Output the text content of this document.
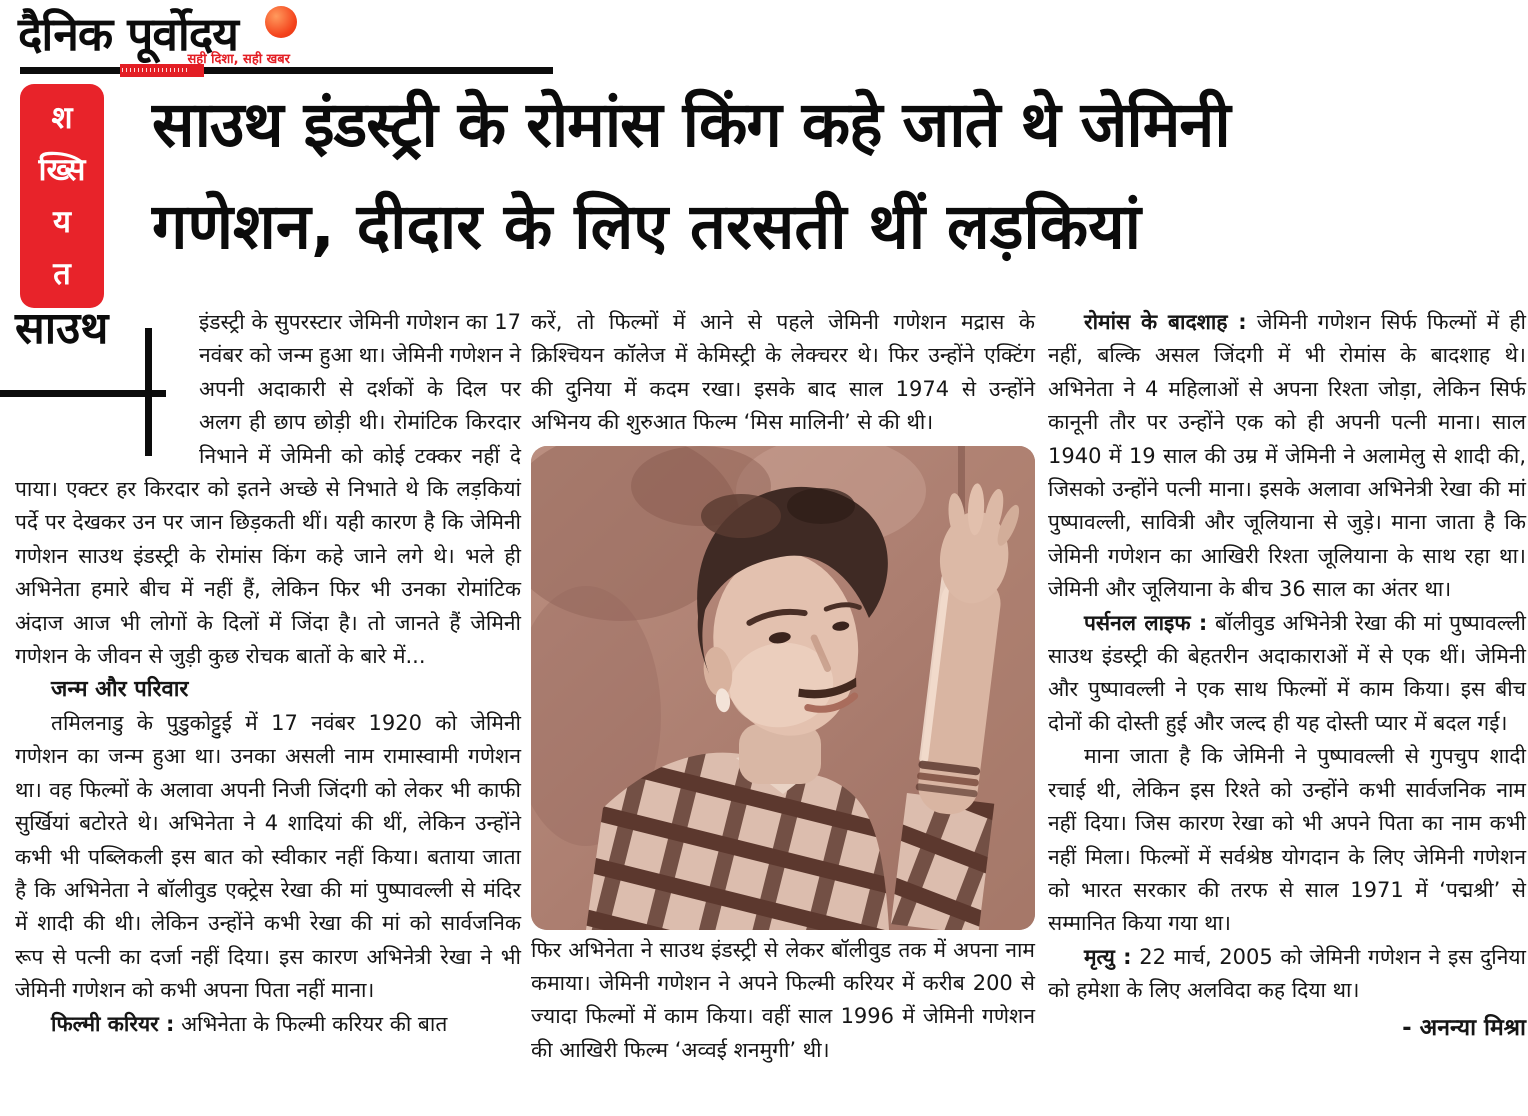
दैनिक पूर्वोदय
सही दिशा, सही खबर
श
ख्सि
य
त
साउथ इंडस्ट्री के रोमांस किंग कहे जाते थे जेमिनी
गणेशन, दीदार के लिए तरसती थीं लड़कियां
साउथ	इंडस्ट्री के सुपरस्टार जेमिनी गणेशन का 17 नवंबर को जन्म हुआ था। जेमिनी गणेशन ने अपनी अदाकारी से दर्शकों के दिल पर अलग ही छाप छोड़ी थी। रोमांटिक किरदार निभाने में जेमिनी को कोई टक्कर नहीं दे पाया। एक्टर हर किरदार को इतने अच्छे से निभाते थे कि लड़कियां पर्दे पर देखकर उन पर जान छिड़कती थीं। यही कारण है कि जेमिनी गणेशन साउथ इंडस्ट्री के रोमांस किंग कहे जाने लगे थे। भले ही अभिनेता हमारे बीच में नहीं हैं, लेकिन फिर भी उनका रोमांटिक अंदाज आज भी लोगों के दिलों में जिंदा है। तो जानते हैं जेमिनी गणेशन के जीवन से जुड़ी कुछ रोचक बातों के बारे में...
जन्म और परिवार
तमिलनाडु के पुडुकोट्टुई में 17 नवंबर 1920 को जेमिनी गणेशन का जन्म हुआ था। उनका असली नाम रामास्वामी गणेशन था। वह फिल्मों के अलावा अपनी निजी जिंदगी को लेकर भी काफी सुर्खियां बटोरते थे। अभिनेता ने 4 शादियां की थीं, लेकिन उन्होंने कभी भी पब्लिकली इस बात को स्वीकार नहीं किया। बताया जाता है कि अभिनेता ने बॉलीवुड एक्ट्रेस रेखा की मां पुष्पावल्ली से मंदिर में शादी की थी। लेकिन उन्होंने कभी रेखा की मां को सार्वजनिक रूप से पत्नी का दर्जा नहीं दिया। इस कारण अभिनेत्री रेखा ने भी जेमिनी गणेशन को कभी अपना पिता नहीं माना।
फिल्मी करियर : अभिनेता के फिल्मी करियर की बात
करें, तो फिल्मों में आने से पहले जेमिनी गणेशन मद्रास के क्रिश्चियन कॉलेज में केमिस्ट्री के लेक्चरर थे। फिर उन्होंने एक्टिंग की दुनिया में कदम रखा। इसके बाद साल 1974 से उन्होंने अभिनय की शुरुआत फिल्म ‘मिस मालिनी’ से की थी।
फिर अभिनेता ने साउथ इंडस्ट्री से लेकर बॉलीवुड तक में अपना नाम कमाया। जेमिनी गणेशन ने अपने फिल्मी करियर में करीब 200 से ज्यादा फिल्मों में काम किया। वहीं साल 1996 में जेमिनी गणेशन की आखिरी फिल्म ‘अव्वई शनमुगी’ थी।
रोमांस के बादशाह : जेमिनी गणेशन सिर्फ फिल्मों में ही नहीं, बल्कि असल जिंदगी में भी रोमांस के बादशाह थे। अभिनेता ने 4 महिलाओं से अपना रिश्ता जोड़ा, लेकिन सिर्फ कानूनी तौर पर उन्होंने एक को ही अपनी पत्नी माना। साल 1940 में 19 साल की उम्र में जेमिनी ने अलामेलु से शादी की, जिसको उन्होंने पत्नी माना। इसके अलावा अभिनेत्री रेखा की मां पुष्पावल्ली, सावित्री और जूलियाना से जुड़े। माना जाता है कि जेमिनी गणेशन का आखिरी रिश्ता जूलियाना के साथ रहा था। जेमिनी और जूलियाना के बीच 36 साल का अंतर था।
पर्सनल लाइफ : बॉलीवुड अभिनेत्री रेखा की मां पुष्पावल्ली साउथ इंडस्ट्री की बेहतरीन अदाकाराओं में से एक थीं। जेमिनी और पुष्पावल्ली ने एक साथ फिल्मों में काम किया। इस बीच दोनों की दोस्ती हुई और जल्द ही यह दोस्ती प्यार में बदल गई।
माना जाता है कि जेमिनी ने पुष्पावल्ली से गुपचुप शादी रचाई थी, लेकिन इस रिश्ते को उन्होंने कभी सार्वजनिक नाम नहीं दिया। जिस कारण रेखा को भी अपने पिता का नाम कभी नहीं मिला। फिल्मों में सर्वश्रेष्ठ योगदान के लिए जेमिनी गणेशन को भारत सरकार की तरफ से साल 1971 में ‘पद्मश्री’ से सम्मानित किया गया था।
मृत्यु : 22 मार्च, 2005 को जेमिनी गणेशन ने इस दुनिया को हमेशा के लिए अलविदा कह दिया था।
- अनन्या मिश्रा
